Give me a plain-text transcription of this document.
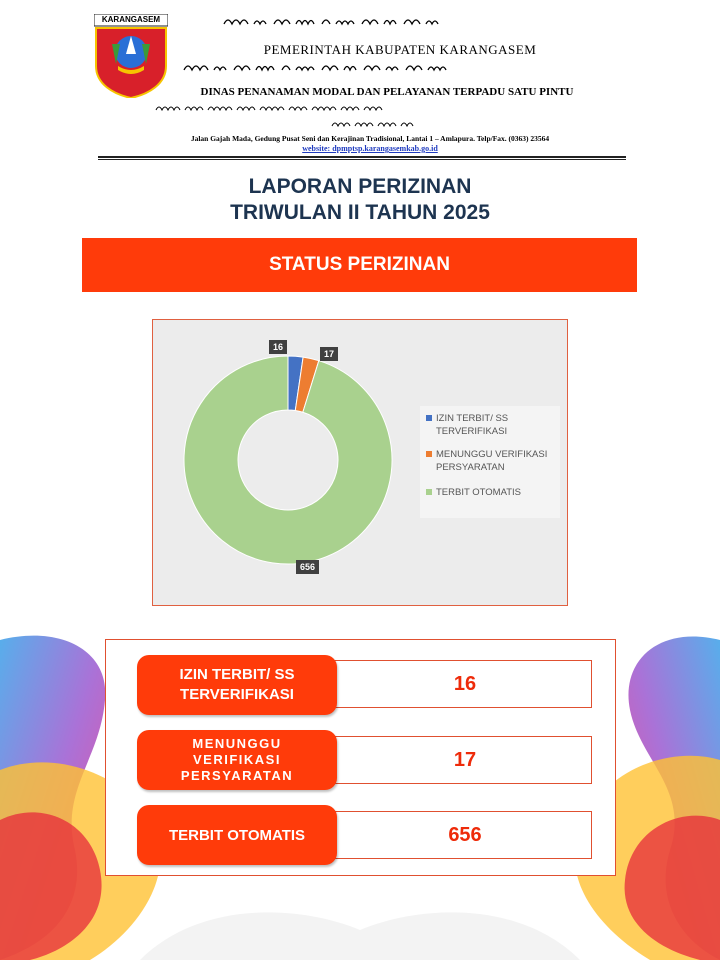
KARANGASEM
PEMERINTAH KABUPATEN KARANGASEM
DINAS PENANAMAN MODAL DAN PELAYANAN TERPADU SATU PINTU
Jalan Gajah Mada, Gedung Pusat Seni dan Kerajinan Tradisional, Lantai 1 – Amlapura. Telp/Fax. (0363) 23564
website: dpmptsp.karangasemkab.go.id
LAPORAN PERIZINAN
TRIWULAN II TAHUN 2025
STATUS PERIZINAN
IZIN TERBIT/ SS TERVERIFIKASI
MENUNGGU VERIFIKASI PERSYARATAN
TERBIT OTOMATIS
16
17
656
IZIN TERBIT/ SS TERVERIFIKASI	16
MENUNGGU VERIFIKASI PERSYARATAN
17
TERBIT OTOMATIS	656
